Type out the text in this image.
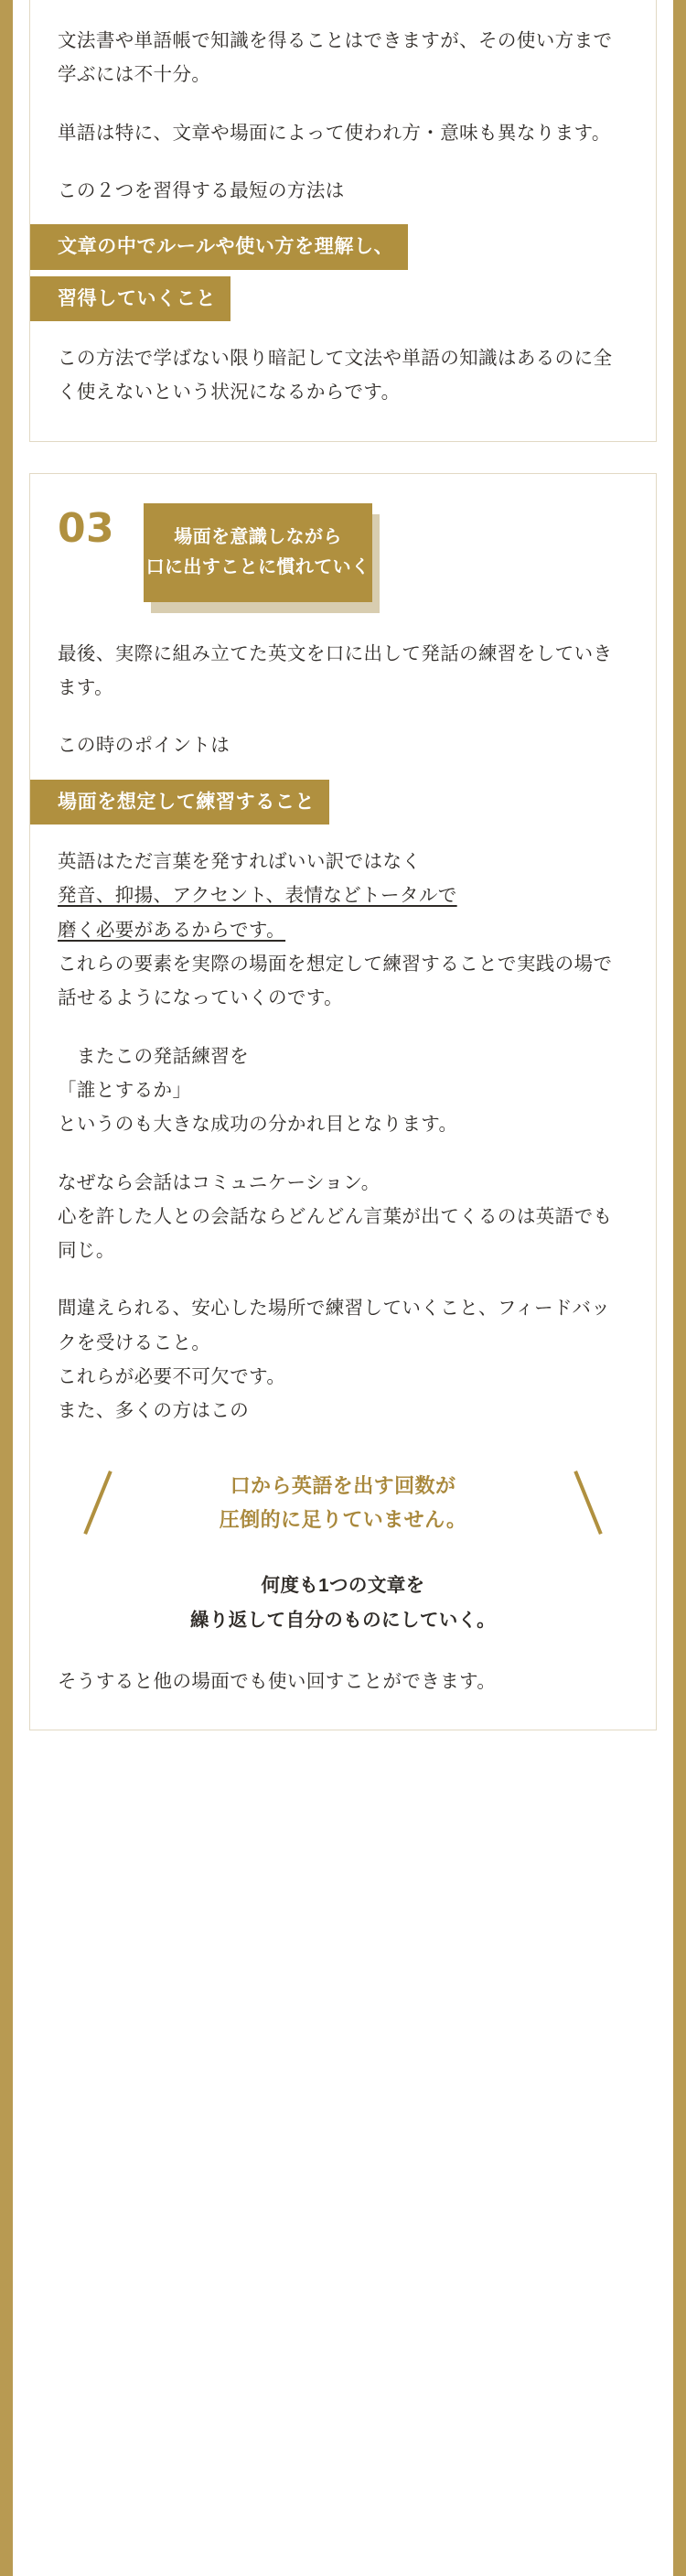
文法書や単語帳で知識を得ることはできますが、その使い方まで学ぶには不十分。

単語は特に、文章や場面によって使われ方・意味も異なります。

この２つを習得する最短の方法は

文章の中でルールや使い方を理解し、
習得していくこと

この方法で学ばない限り暗記して文法や単語の知識はあるのに全く使えないという状況になるからです。

03	場面を意識しながら
口に出すことに慣れていく

最後、実際に組み立てた英文を口に出して発話の練習をしていきます。

この時のポイントは

場面を想定して練習すること

英語はただ言葉を発すればいい訳ではなく
発音、抑揚、アクセント、表情などトータルで
磨く必要があるからです。
これらの要素を実際の場面を想定して練習することで実践の場で話せるようになっていくのです。

　またこの発話練習を
「誰とするか」
というのも大きな成功の分かれ目となります。

なぜなら会話はコミュニケーション。
心を許した人との会話ならどんどん言葉が出てくるのは英語でも同じ。

間違えられる、安心した場所で練習していくこと、フィードバックを受けること。
これらが必要不可欠です。
また、多くの方はこの

口から英語を出す回数が
圧倒的に足りていません。
何度も1つの文章を
繰り返して自分のものにしていく。

そうすると他の場面でも使い回すことができます。
